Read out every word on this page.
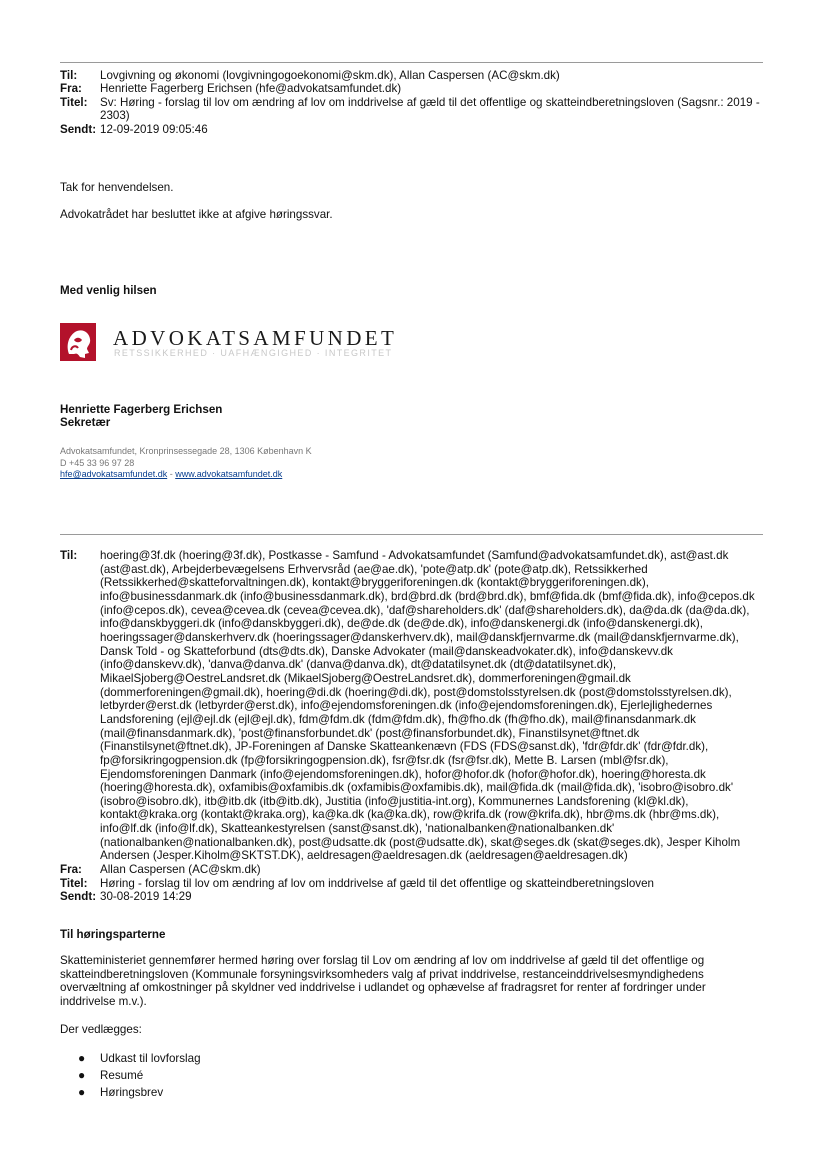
Til:	Lovgivning og økonomi (lovgivningogoekonomi@skm.dk), Allan Caspersen (AC@skm.dk)
Fra:	Henriette Fagerberg Erichsen (hfe@advokatsamfundet.dk)
Titel:	Sv: Høring - forslag til lov om ændring af lov om inddrivelse af gæld til det offentlige og skatteindberetningsloven (Sagsnr.: 2019 - 2303)
Sendt: 12-09-2019 09:05:46
Tak for henvendelsen.
Advokatrådet har besluttet ikke at afgive høringssvar.
Med venlig hilsen
ADVOKATSAMFUNDET
RETSSIKKERHED · UAFHÆNGIGHED · INTEGRITET
Henriette Fagerberg Erichsen
Sekretær
Advokatsamfundet, Kronprinsessegade 28, 1306 København K
D +45 33 96 97 28
hfe@advokatsamfundet.dk - www.advokatsamfundet.dk
Til:	hoering@3f.dk (hoering@3f.dk), Postkasse - Samfund - Advokatsamfundet (Samfund@advokatsamfundet.dk), ast@ast.dk (ast@ast.dk), Arbejderbevægelsens Erhvervsråd (ae@ae.dk), 'pote@atp.dk' (pote@atp.dk), Retssikkerhed (Retssikkerhed@skatteforvaltningen.dk), kontakt@bryggeriforeningen.dk (kontakt@bryggeriforeningen.dk), info@businessdanmark.dk (info@businessdanmark.dk), brd@brd.dk (brd@brd.dk), bmf@fida.dk (bmf@fida.dk), info@cepos.dk (info@cepos.dk), cevea@cevea.dk (cevea@cevea.dk), 'daf@shareholders.dk' (daf@shareholders.dk), da@da.dk (da@da.dk), info@danskbyggeri.dk (info@danskbyggeri.dk), de@de.dk (de@de.dk), info@danskenergi.dk (info@danskenergi.dk), hoeringssager@danskerhverv.dk (hoeringssager@danskerhverv.dk), mail@danskfjernvarme.dk (mail@danskfjernvarme.dk), Dansk Told - og Skatteforbund (dts@dts.dk), Danske Advokater (mail@danskeadvokater.dk), info@danskevv.dk (info@danskevv.dk), 'danva@danva.dk' (danva@danva.dk), dt@datatilsynet.dk (dt@datatilsynet.dk), MikaelSjoberg@OestreLandsret.dk (MikaelSjoberg@OestreLandsret.dk), dommerforeningen@gmail.dk (dommerforeningen@gmail.dk), hoering@di.dk (hoering@di.dk), post@domstolsstyrelsen.dk (post@domstolsstyrelsen.dk), letbyrder@erst.dk (letbyrder@erst.dk), info@ejendomsforeningen.dk (info@ejendomsforeningen.dk), Ejerlejlighedernes Landsforening (ejl@ejl.dk (ejl@ejl.dk), fdm@fdm.dk (fdm@fdm.dk), fh@fho.dk (fh@fho.dk), mail@finansdanmark.dk (mail@finansdanmark.dk), 'post@finansforbundet.dk' (post@finansforbundet.dk), Finanstilsynet@ftnet.dk (Finanstilsynet@ftnet.dk), JP-Foreningen af Danske Skatteankenævn (FDS (FDS@sanst.dk), 'fdr@fdr.dk' (fdr@fdr.dk), fp@forsikringogpension.dk (fp@forsikringogpension.dk), fsr@fsr.dk (fsr@fsr.dk), Mette B. Larsen (mbl@fsr.dk), Ejendomsforeningen Danmark (info@ejendomsforeningen.dk), hofor@hofor.dk (hofor@hofor.dk), hoering@horesta.dk (hoering@horesta.dk), oxfamibis@oxfamibis.dk (oxfamibis@oxfamibis.dk), mail@fida.dk (mail@fida.dk), 'isobro@isobro.dk' (isobro@isobro.dk), itb@itb.dk (itb@itb.dk), Justitia (info@justitia-int.org), Kommunernes Landsforening (kl@kl.dk), kontakt@kraka.org (kontakt@kraka.org), ka@ka.dk (ka@ka.dk), row@krifa.dk (row@krifa.dk), hbr@ms.dk (hbr@ms.dk), info@lf.dk (info@lf.dk), Skatteankestyrelsen (sanst@sanst.dk), 'nationalbanken@nationalbanken.dk' (nationalbanken@nationalbanken.dk), post@udsatte.dk (post@udsatte.dk), skat@seges.dk (skat@seges.dk), Jesper Kiholm Andersen (Jesper.Kiholm@SKTST.DK), aeldresagen@aeldresagen.dk (aeldresagen@aeldresagen.dk)
Fra:	Allan Caspersen (AC@skm.dk)
Titel:	Høring - forslag til lov om ændring af lov om inddrivelse af gæld til det offentlige og skatteindberetningsloven
Sendt: 30-08-2019 14:29
Til høringsparterne
Skatteministeriet gennemfører hermed høring over forslag til Lov om ændring af lov om inddrivelse af gæld til det offentlige og skatteindberetningsloven (Kommunale forsyningsvirksomheders valg af privat inddrivelse, restanceinddrivelsesmyndighedens overvæltning af omkostninger på skyldner ved inddrivelse i udlandet og ophævelse af fradragsret for renter af fordringer under inddrivelse m.v.).
Der vedlægges:
●	Udkast til lovforslag
●	Resumé
●	Høringsbrev
